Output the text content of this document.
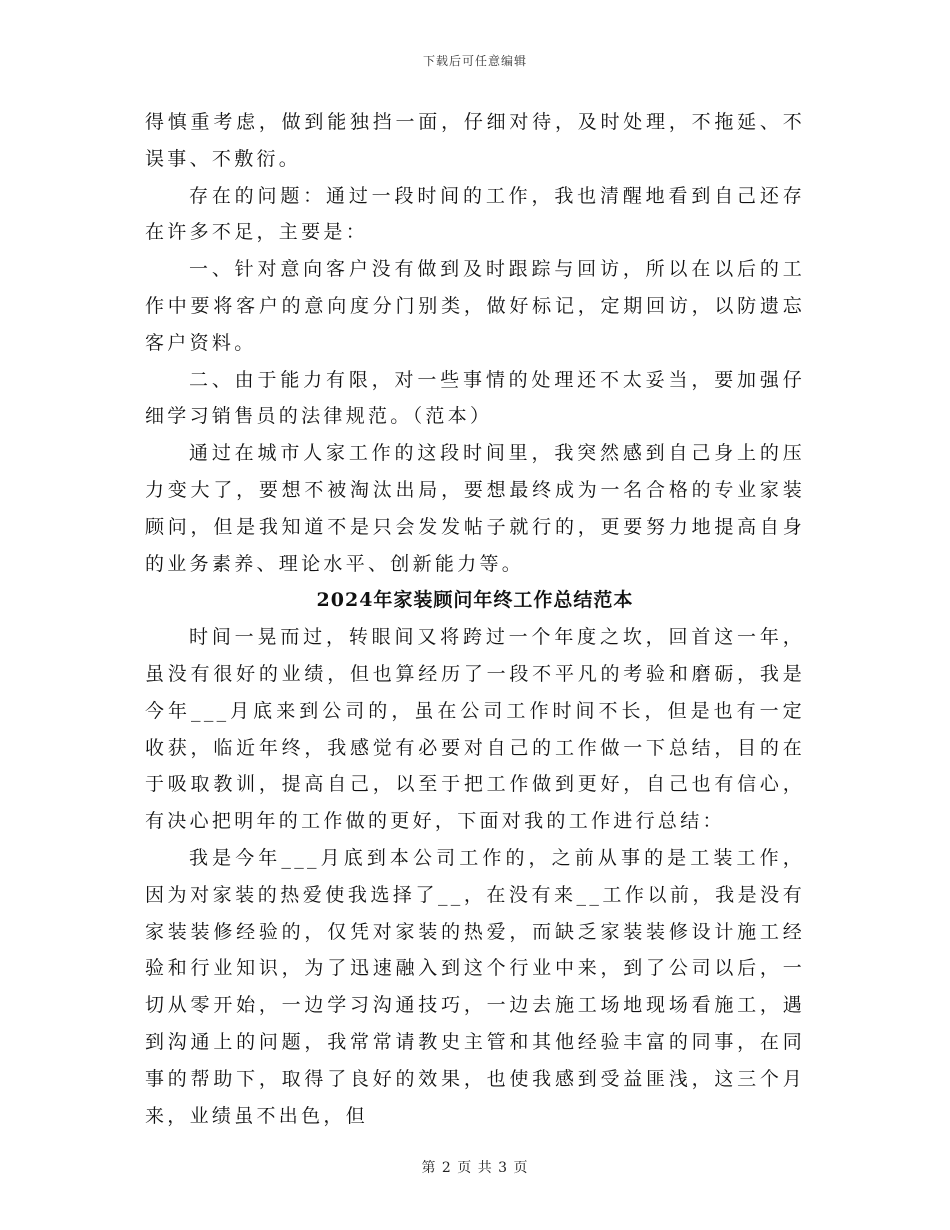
下载后可任意编辑

得慎重考虑，做到能独挡一面，仔细对待，及时处理，不拖延、不误事、不敷衍。

存在的问题：通过一段时间的工作，我也清醒地看到自己还存在许多不足，主要是：

一、针对意向客户没有做到及时跟踪与回访，所以在以后的工作中要将客户的意向度分门别类，做好标记，定期回访，以防遗忘客户资料。

二、由于能力有限，对一些事情的处理还不太妥当，要加强仔细学习销售员的法律规范。（范本）

通过在城市人家工作的这段时间里，我突然感到自己身上的压力变大了，要想不被淘汰出局，要想最终成为一名合格的专业家装顾问，但是我知道不是只会发发帖子就行的，更要努力地提高自身的业务素养、理论水平、创新能力等。

2024年家装顾问年终工作总结范本

时间一晃而过，转眼间又将跨过一个年度之坎，回首这一年，虽没有很好的业绩，但也算经历了一段不平凡的考验和磨砺，我是今年___月底来到公司的，虽在公司工作时间不长，但是也有一定收获，临近年终，我感觉有必要对自己的工作做一下总结，目的在于吸取教训，提高自己，以至于把工作做到更好，自己也有信心，有决心把明年的工作做的更好，下面对我的工作进行总结：

我是今年___月底到本公司工作的，之前从事的是工装工作，因为对家装的热爱使我选择了__，在没有来__工作以前，我是没有家装装修经验的，仅凭对家装的热爱，而缺乏家装装修设计施工经验和行业知识，为了迅速融入到这个行业中来，到了公司以后，一切从零开始，一边学习沟通技巧，一边去施工场地现场看施工，遇到沟通上的问题，我常常请教史主管和其他经验丰富的同事，在同事的帮助下，取得了良好的效果，也使我感到受益匪浅，这三个月来，业绩虽不出色，但

第 2 页 共 3 页
